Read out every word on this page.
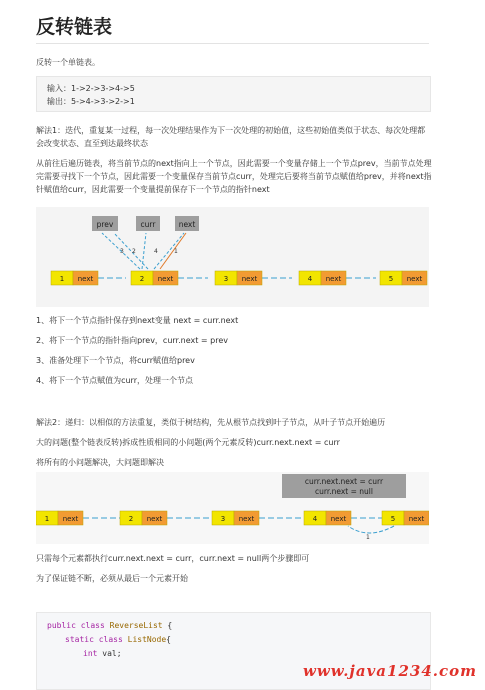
反转链表

反转一个单链表。

输入：1->2->3->4->5
输出：5->4->3->2->1

解法1：迭代，重复某一过程，每一次处理结果作为下一次处理的初始值，这些初始值类似于状态、每次处理都会改变状态、直至到达最终状态

从前往后遍历链表，将当前节点的next指向上一个节点，因此需要一个变量存储上一个节点prev，当前节点处理完需要寻找下一个节点，因此需要一个变量保存当前节点curr，处理完后要将当前节点赋值给prev，并将next指针赋值给curr，因此需要一个变量提前保存下一个节点的指针next

prev	curr	next
3 2	4	1
1 next	2 next	3 next	4 next	5 next

1、将下一个节点指针保存到next变量 next = curr.next

2、将下一个节点的指针指向prev，curr.next = prev

3、准备处理下一个节点，将curr赋值给prev

4、将下一个节点赋值为curr，处理一个节点

解法2：递归：以相似的方法重复，类似于树结构，先从根节点找到叶子节点，从叶子节点开始遍历

大的问题(整个链表反转)拆成性质相同的小问题(两个元素反转)curr.next.next = curr

将所有的小问题解决，大问题即解决

curr.next.next = curr
curr.next = null
1
1 next	2 next	3 next	4 next	5 next

只需每个元素都执行curr.next.next = curr，curr.next = null两个步骤即可

为了保证链不断，必须从最后一个元素开始

public class ReverseList {
static class ListNode{
int val;
www.java1234.com
